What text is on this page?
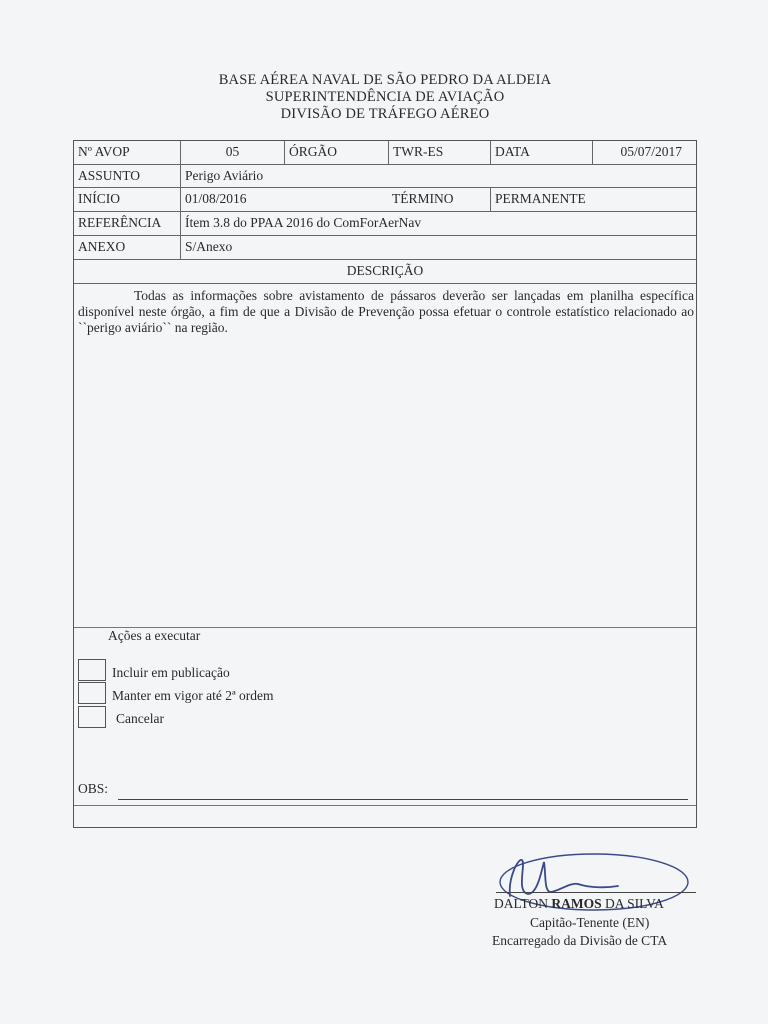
BASE AÉREA NAVAL DE SÃO PEDRO DA ALDEIA
SUPERINTENDÊNCIA DE AVIAÇÃO
DIVISÃO DE TRÁFEGO AÉREO
Nº AVOP	05	ÓRGÃO	TWR-ES	DATA	05/07/2017
ASSUNTO	Perigo Aviário
INÍCIO	01/08/2016	TÉRMINO	PERMANENTE
REFERÊNCIA	Ítem 3.8 do PPAA 2016 do ComForAerNav
ANEXO	S/Anexo
DESCRIÇÃO

Todas as informações sobre avistamento de pássaros deverão ser lançadas em planilha específica disponível neste órgão, a fim de que a Divisão de Prevenção possa efetuar o controle estatístico relacionado ao ``perigo aviário`` na região.

Ações a executar
Incluir em publicação
Manter em vigor até 2ª ordem
Cancelar
OBS:
DALTON RAMOS DA SILVA
Capitão-Tenente (EN)
Encarregado da Divisão de CTA
